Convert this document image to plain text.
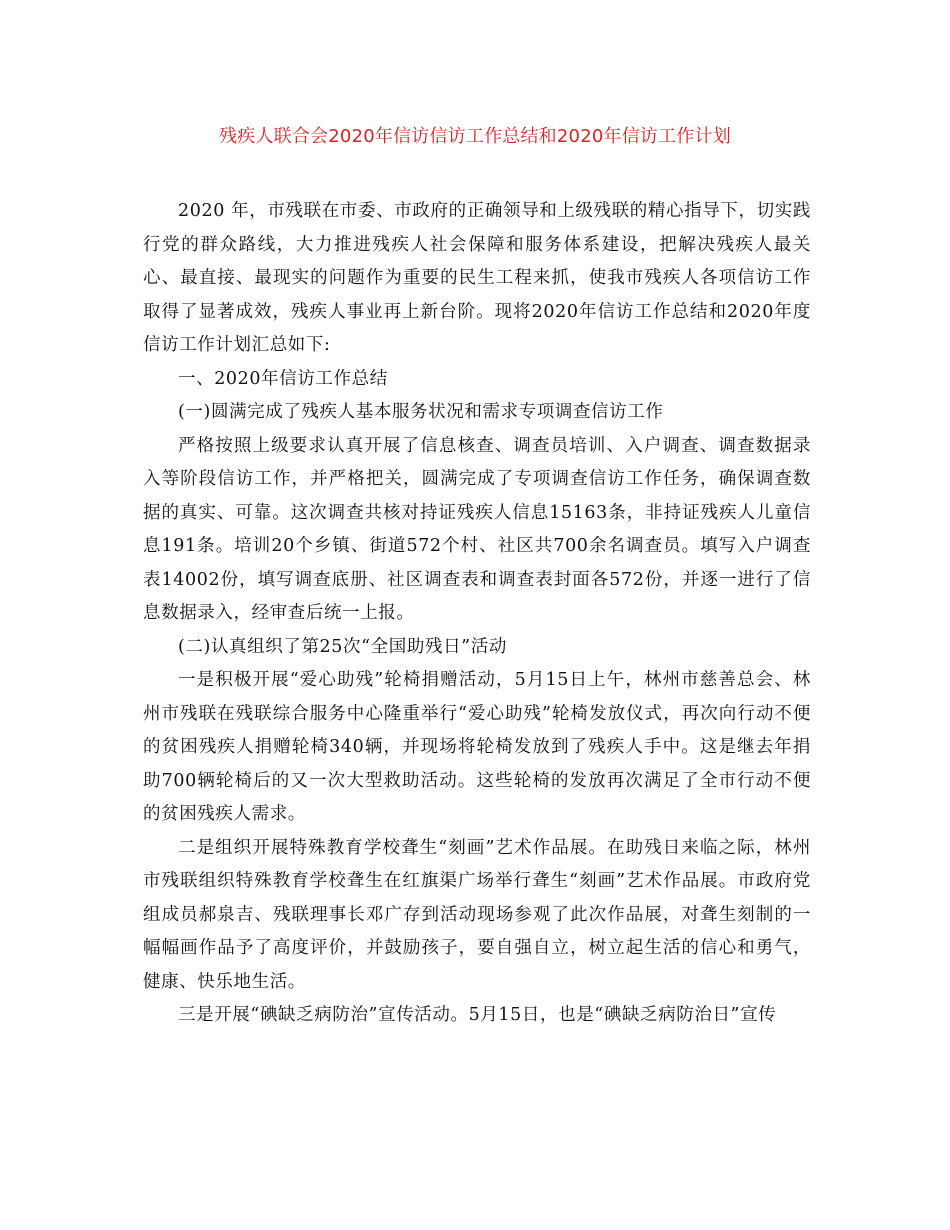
残疾人联合会2020年信访信访工作总结和2020年信访工作计划

2020 年，市残联在市委、市政府的正确领导和上级残联的精心指导下，切实践行党的群众路线，大力推进残疾人社会保障和服务体系建设，把解决残疾人最关心、最直接、最现实的问题作为重要的民生工程来抓，使我市残疾人各项信访工作取得了显著成效，残疾人事业再上新台阶。现将2020年信访工作总结和2020年度信访工作计划汇总如下:

一、2020年信访工作总结

(一)圆满完成了残疾人基本服务状况和需求专项调查信访工作

严格按照上级要求认真开展了信息核查、调查员培训、入户调查、调查数据录入等阶段信访工作，并严格把关，圆满完成了专项调查信访工作任务，确保调查数据的真实、可靠。这次调查共核对持证残疾人信息15163条，非持证残疾人儿童信息191条。培训20个乡镇、街道572个村、社区共700余名调查员。填写入户调查表14002份，填写调查底册、社区调查表和调查表封面各572份，并逐一进行了信息数据录入，经审查后统一上报。

(二)认真组织了第25次“全国助残日”活动

一是积极开展“爱心助残”轮椅捐赠活动，5月15日上午，林州市慈善总会、林州市残联在残联综合服务中心隆重举行“爱心助残”轮椅发放仪式，再次向行动不便的贫困残疾人捐赠轮椅340辆，并现场将轮椅发放到了残疾人手中。这是继去年捐助700辆轮椅后的又一次大型救助活动。这些轮椅的发放再次满足了全市行动不便的贫困残疾人需求。

二是组织开展特殊教育学校聋生“刻画”艺术作品展。在助残日来临之际，林州市残联组织特殊教育学校聋生在红旗渠广场举行聋生“刻画”艺术作品展。市政府党组成员郝泉吉、残联理事长邓广存到活动现场参观了此次作品展，对聋生刻制的一幅幅画作品予了高度评价，并鼓励孩子，要自强自立，树立起生活的信心和勇气，健康、快乐地生活。

三是开展“碘缺乏病防治”宣传活动。5月15日，也是“碘缺乏病防治日”宣传
